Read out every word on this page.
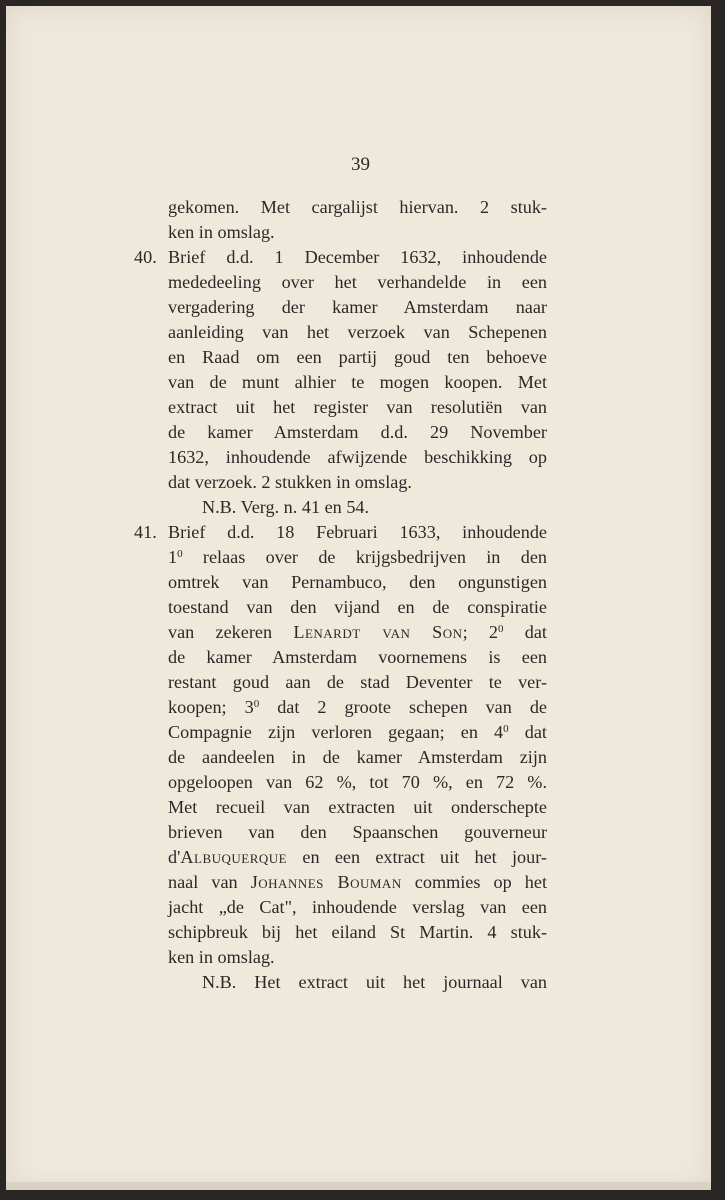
39
gekomen. Met cargalijst hiervan. 2 stuk-
ken in omslag.
40. Brief d.d. 1 December 1632, inhoudende
mededeeling over het verhandelde in een
vergadering der kamer Amsterdam naar
aanleiding van het verzoek van Schepenen
en Raad om een partij goud ten behoeve
van de munt alhier te mogen koopen. Met
extract uit het register van resolutiën van
de kamer Amsterdam d.d. 29 November
1632, inhoudende afwijzende beschikking op
dat verzoek. 2 stukken in omslag.
N.B. Verg. n. 41 en 54.
41. Brief d.d. 18 Februari 1633, inhoudende
$1^0$ relaas over de krijgsbedrijven in den
omtrek van Pernambuco, den ongunstigen
toestand van den vijand en de conspiratie
van zekeren Lenardt van Son; $2^0$ dat
de kamer Amsterdam voornemens is een
restant goud aan de stad Deventer te ver-
koopen; $3^0$ dat 2 groote schepen van de
Compagnie zijn verloren gegaan; en $4^0$ dat
de aandeelen in de kamer Amsterdam zijn
opgeloopen van 62 %, tot 70 %, en 72 %.
Met recueil van extracten uit onderschepte
brieven van den Spaanschen gouverneur
d'Albuquerque en een extract uit het jour-
naal van Johannes Bouman commies op het
jacht „de Cat", inhoudende verslag van een
schipbreuk bij het eiland St Martin. 4 stuk-
ken in omslag.
N.B. Het extract uit het journaal van
